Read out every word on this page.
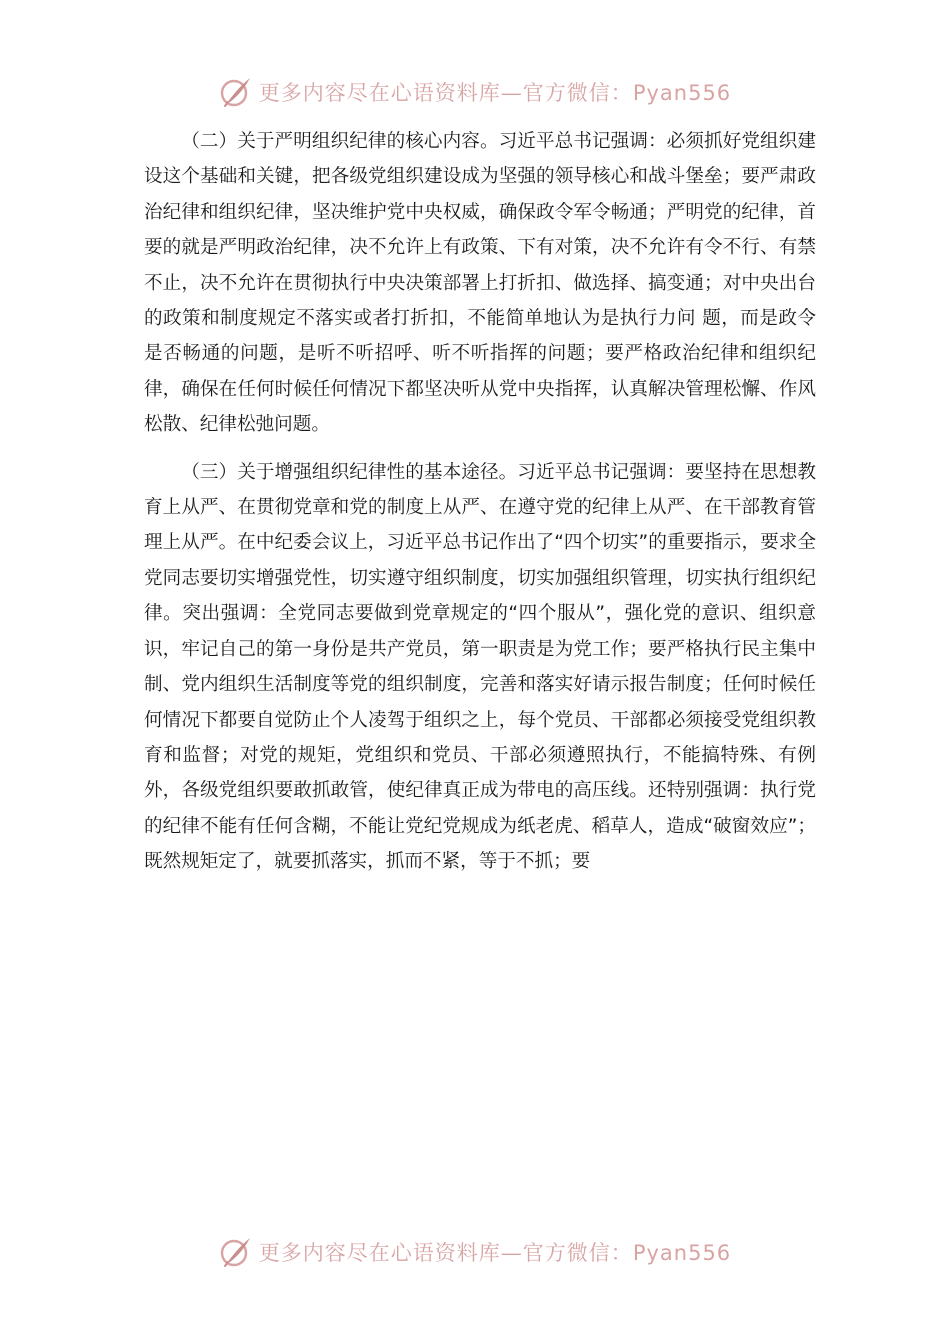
更多内容尽在心语资料库—官方微信：Pyan556

（二）关于严明组织纪律的核心内容。习近平总书记强调：必须抓好党组织建设这个基础和关键，把各级党组织建设成为坚强的领导核心和战斗堡垒；要严肃政治纪律和组织纪律，坚决维护党中央权威，确保政令军令畅通；严明党的纪律，首要的就是严明政治纪律，决不允许上有政策、下有对策，决不允许有令不行、有禁不止，决不允许在贯彻执行中央决策部署上打折扣、做选择、搞变通；对中央出台的政策和制度规定不落实或者打折扣，不能简单地认为是执行力问 题，而是政令是否畅通的问题，是听不听招呼、听不听指挥的问题；要严格政治纪律和组织纪律，确保在任何时候任何情况下都坚决听从党中央指挥，认真解决管理松懈、作风松散、纪律松弛问题。

（三）关于增强组织纪律性的基本途径。习近平总书记强调：要坚持在思想教育上从严、在贯彻党章和党的制度上从严、在遵守党的纪律上从严、在干部教育管理上从严。在中纪委会议上，习近平总书记作出了“四个切实”的重要指示，要求全党同志要切实增强党性，切实遵守组织制度，切实加强组织管理，切实执行组织纪律。突出强调：全党同志要做到党章规定的“四个服从”，强化党的意识、组织意识，牢记自己的第一身份是共产党员，第一职责是为党工作；要严格执行民主集中制、党内组织生活制度等党的组织制度，完善和落实好请示报告制度；任何时候任何情况下都要自觉防止个人凌驾于组织之上，每个党员、干部都必须接受党组织教育和监督；对党的规矩，党组织和党员、干部必须遵照执行，不能搞特殊、有例外，各级党组织要敢抓敢管，使纪律真正成为带电的高压线。还特别强调：执行党的纪律不能有任何含糊，不能让党纪党规成为纸老虎、稻草人，造成“破窗效应”；既然规矩定了，就要抓落实，抓而不紧，等于不抓；要

更多内容尽在心语资料库—官方微信：Pyan556
